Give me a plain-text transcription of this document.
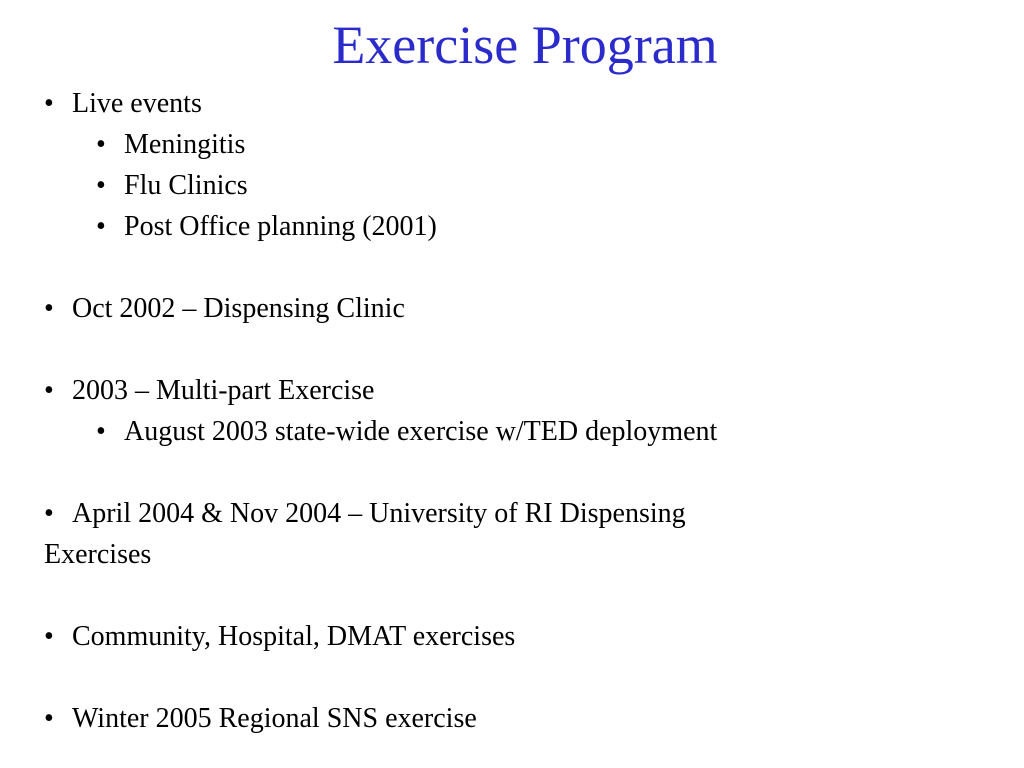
Exercise Program
• Live events
• Meningitis
• Flu Clinics
• Post Office planning (2001)
• Oct 2002 – Dispensing Clinic
• 2003 – Multi-part Exercise
• August 2003 state-wide exercise w/TED deployment
• April 2004 & Nov 2004 – University of RI Dispensing
Exercises
• Community, Hospital, DMAT exercises
• Winter 2005 Regional SNS exercise
